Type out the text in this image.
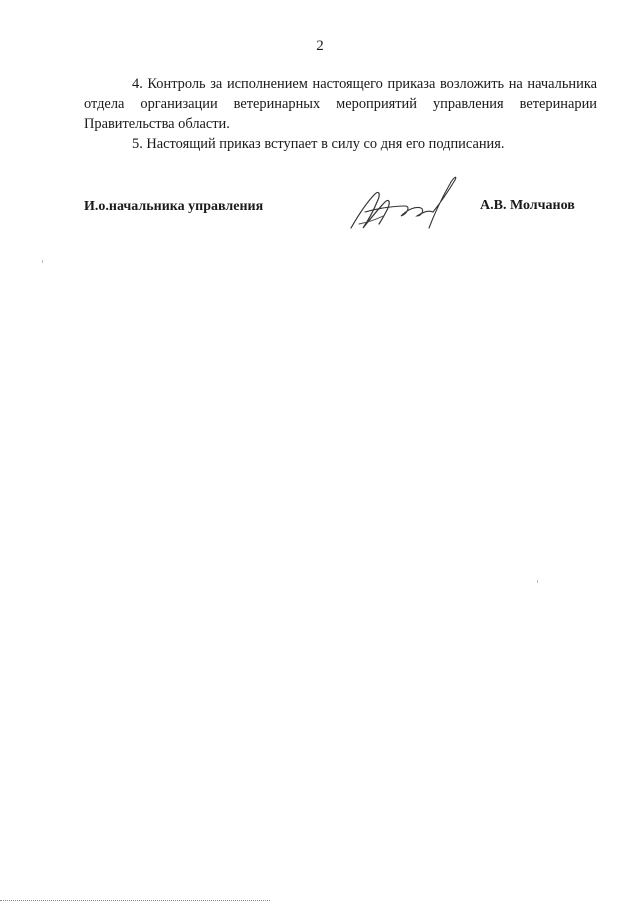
2

4. Контроль за исполнением настоящего приказа возложить на начальника отдела организации ветеринарных мероприятий управления ветеринарии Правительства области.

5. Настоящий приказ вступает в силу со дня его подписания.

И.о.начальника управления	А.В. Молчанов
